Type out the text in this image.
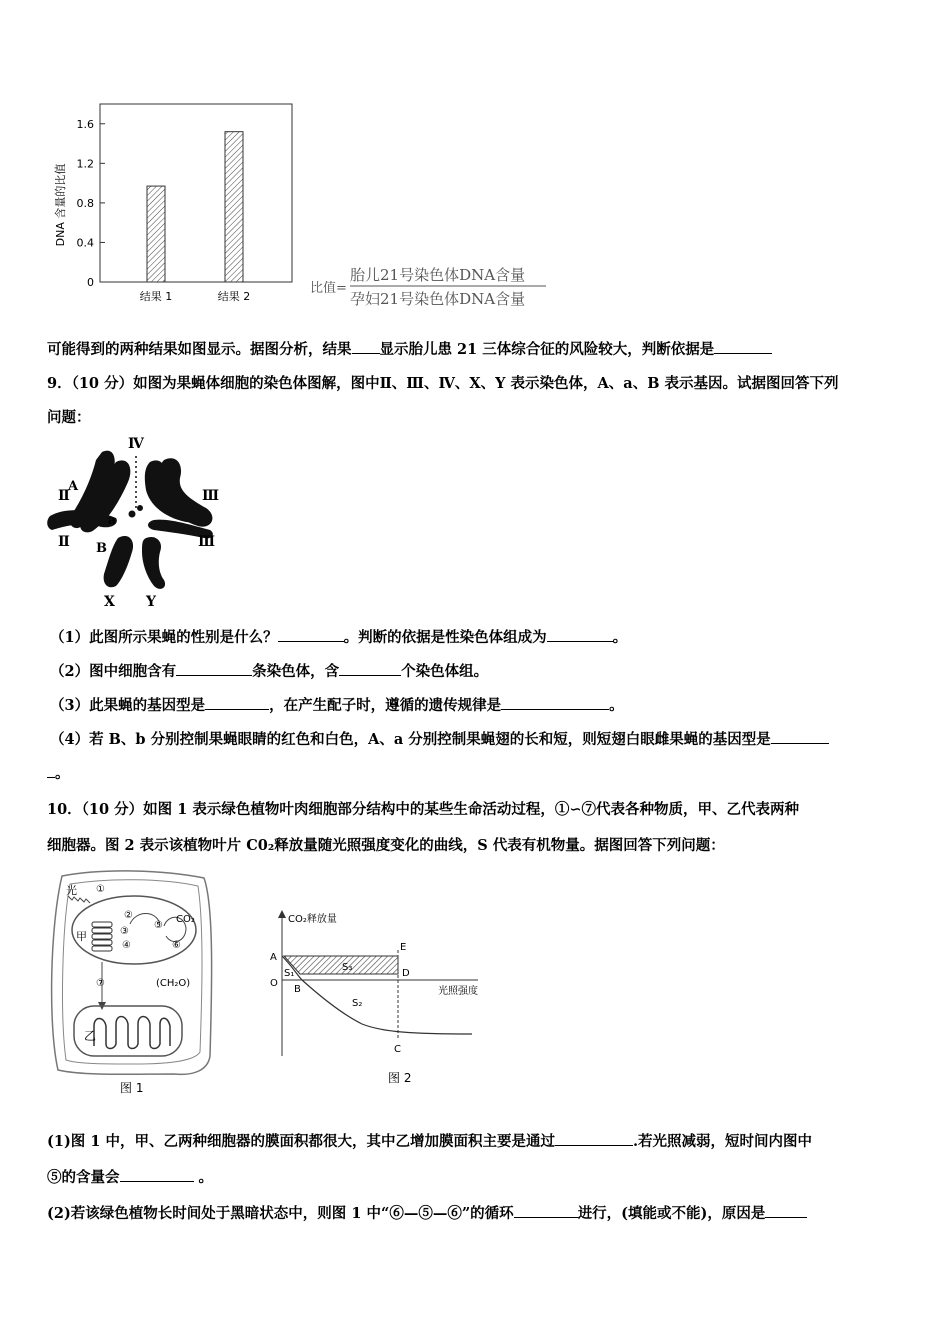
0
0.4
0.8
1.2
1.6
结果 1	结果 2
DNA 含量的比值
比值=
胎儿21号染色体DNA含量
孕妇21号染色体DNA含量
可能得到的两种结果如图显示。据图分析，结果 显示胎儿患 21 三体综合征的风险较大，判断依据是
9．（10 分）如图为果蝇体细胞的染色体图解，图中Ⅱ、Ⅲ、Ⅳ、X、Y 表示染色体，A、a、B 表示基因。试据图回答下列
问题：
Ⅳ
A
Ⅱ	Ⅲ
a
Ⅱ	Ⅲ
B
X Y
（1）此图所示果蝇的性别是什么？	。判断的依据是性染色体组成为	。
（2）图中细胞含有	条染色体，含	个染色体组。
（3）此果蝇的基因型是	，在产生配子时，遵循的遗传规律是	。
（4）若 B、b 分别控制果蝇眼睛的红色和白色，A、a 分别控制果蝇翅的长和短，则短翅白眼雌果蝇的基因型是
。
10．（10 分）如图 1 表示绿色植物叶肉细胞部分结构中的某些生命活动过程，①∽⑦代表各种物质，甲、乙代表两种
细胞器。图 2 表示该植物叶片 C0₂释放量随光照强度变化的曲线，S 代表有机物量。据图回答下列问题：
光
甲
乙
CO₂
(CH₂O)
①
②
③
④
⑤
⑥
⑦
图 1
CO₂释放量
光照强度
A
O
S₁
B
S₃
E
D
S₂
C
图 2
(1)图 1 中，甲、乙两种细胞器的膜面积都很大，其中乙增加膜面积主要是通过	.若光照减弱，短时间内图中
⑤的含量会	。
(2)若该绿色植物长时间处于黑暗状态中，则图 1 中“⑥—⑤—⑥”的循环	进行，(填能或不能)，原因是
